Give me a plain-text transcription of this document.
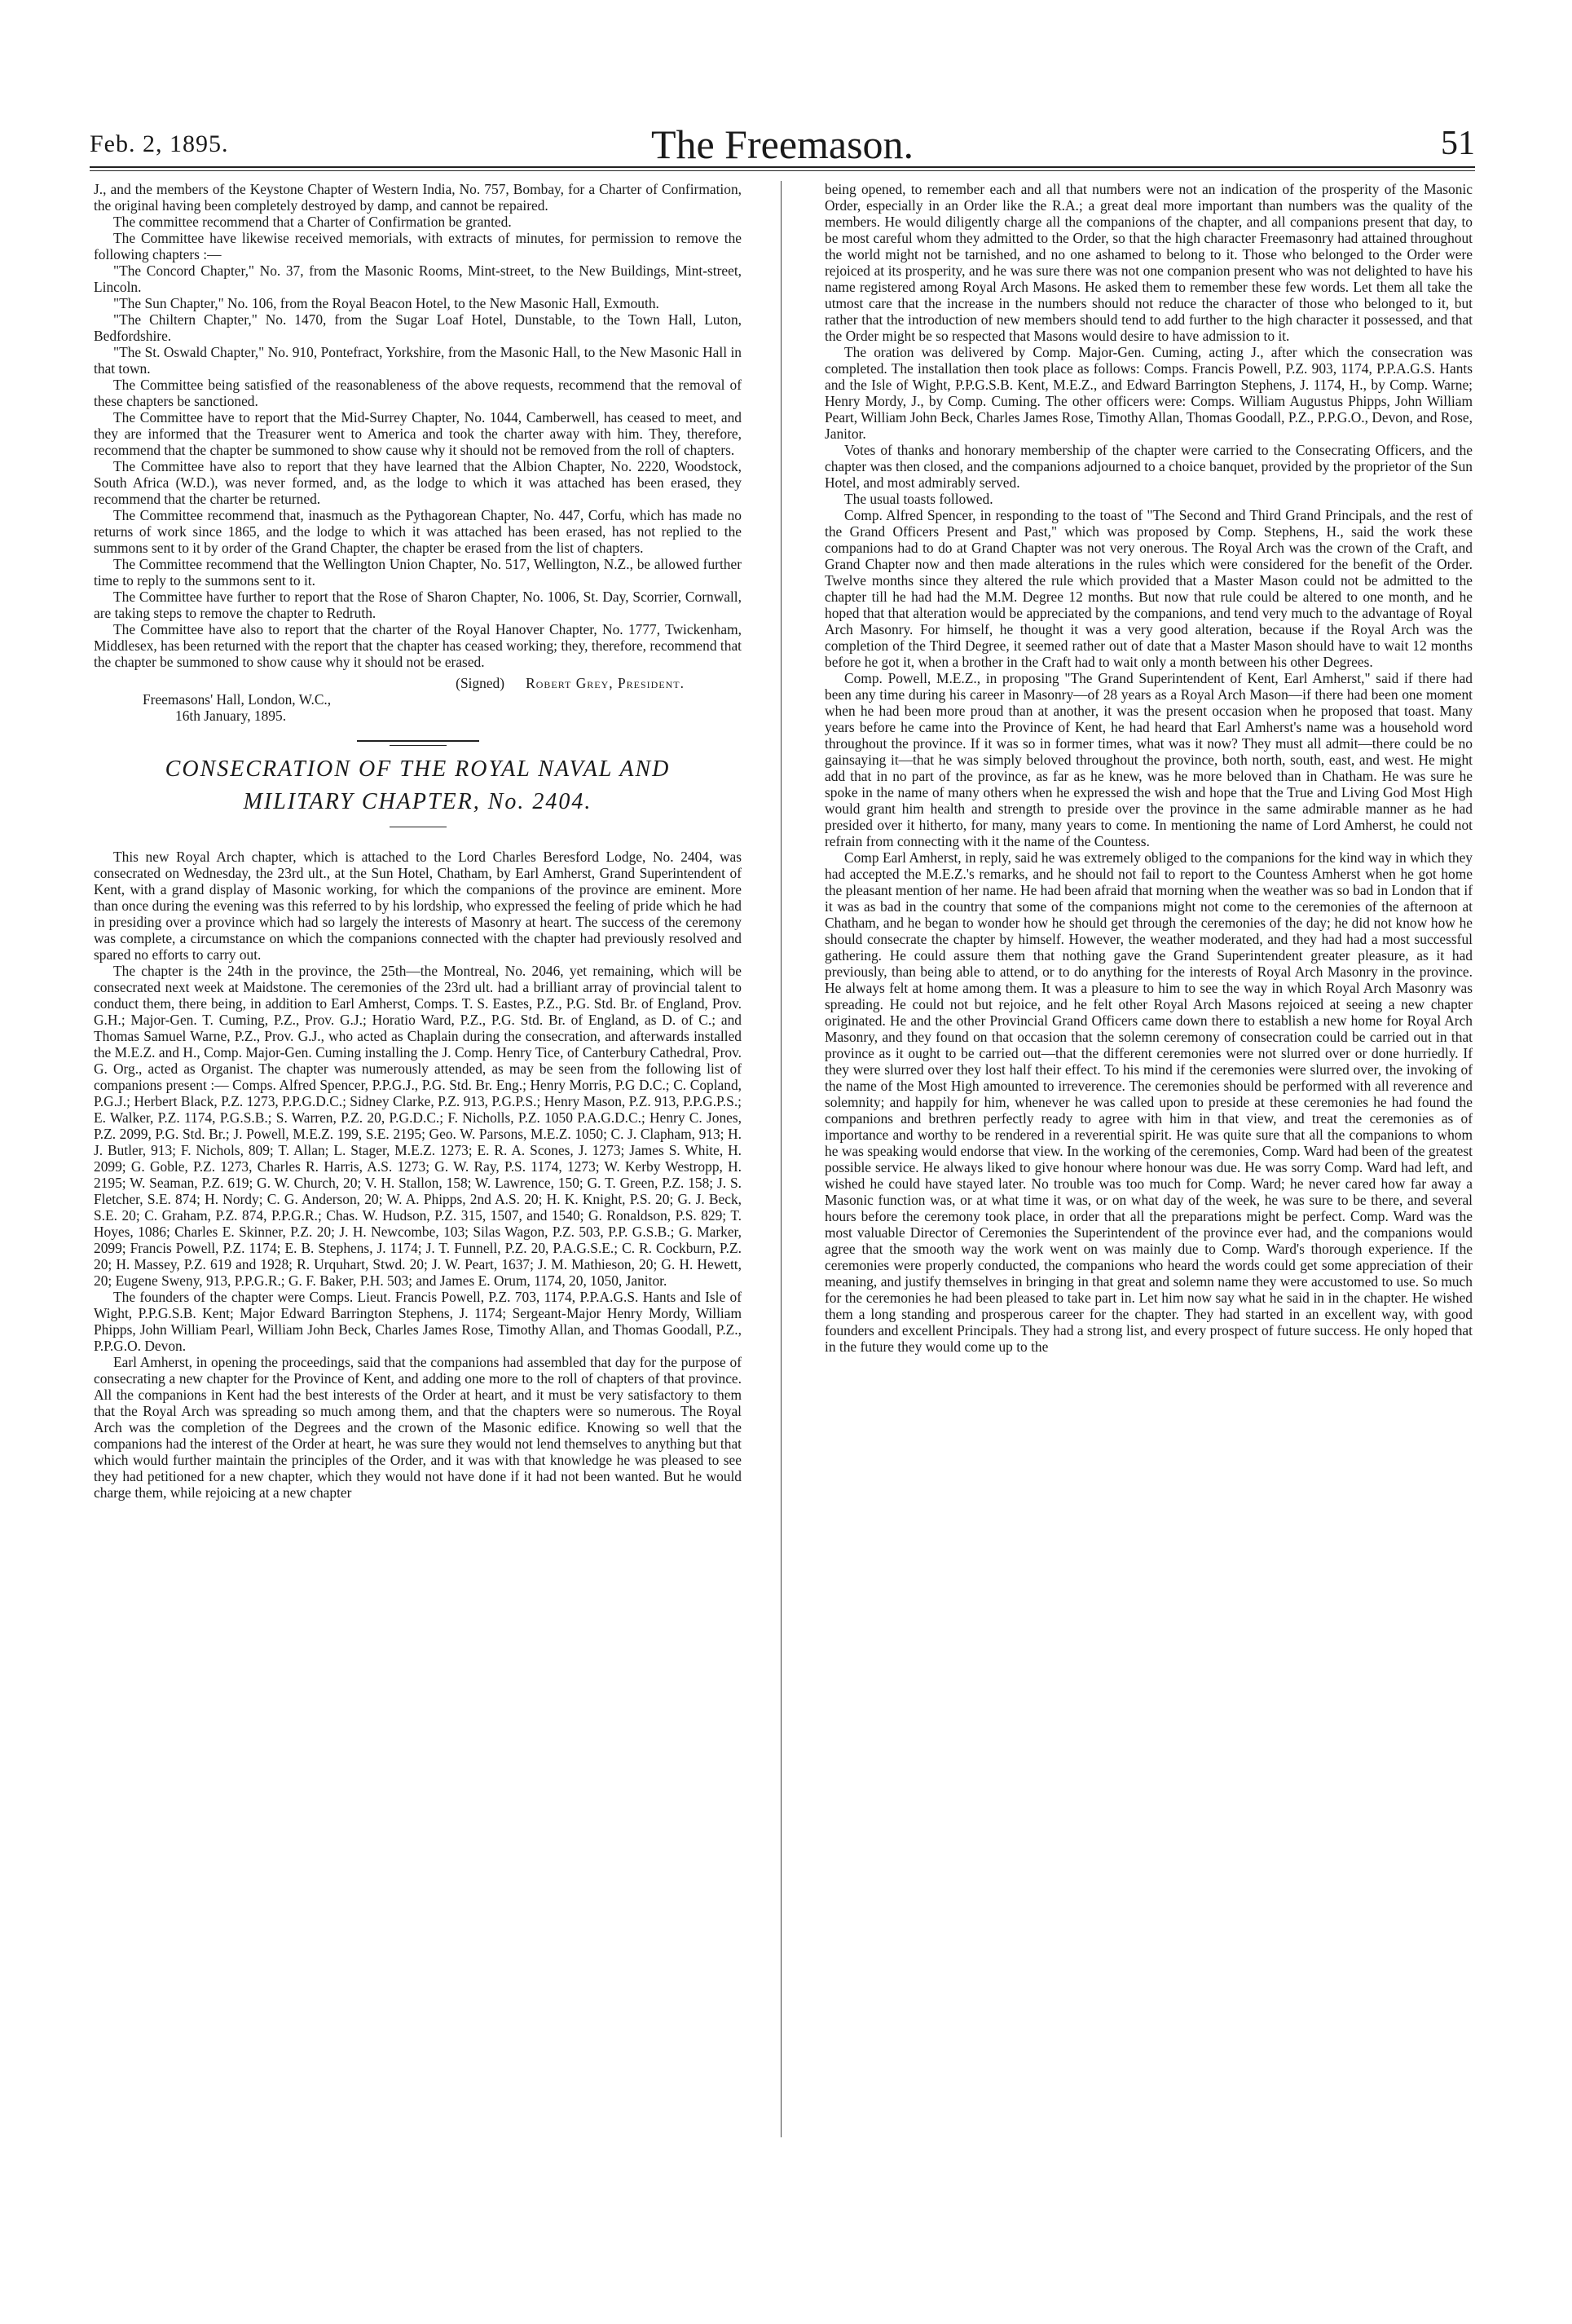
Feb. 2, 1895.	The Freemason.	51

J., and the members of the Keystone Chapter of Western India, No. 757, Bombay, for a Charter of Confirmation, the original having been completely destroyed by damp, and cannot be repaired.

The committee recommend that a Charter of Confirmation be granted.

The Committee have likewise received memorials, with extracts of minutes, for permission to remove the following chapters :—

"The Concord Chapter," No. 37, from the Masonic Rooms, Mint-street, to the New Buildings, Mint-street, Lincoln.

"The Sun Chapter," No. 106, from the Royal Beacon Hotel, to the New Masonic Hall, Exmouth.

"The Chiltern Chapter," No. 1470, from the Sugar Loaf Hotel, Dunstable, to the Town Hall, Luton, Bedfordshire.

"The St. Oswald Chapter," No. 910, Pontefract, Yorkshire, from the Masonic Hall, to the New Masonic Hall in that town.

The Committee being satisfied of the reasonableness of the above requests, recommend that the removal of these chapters be sanctioned.

The Committee have to report that the Mid-Surrey Chapter, No. 1044, Camberwell, has ceased to meet, and they are informed that the Treasurer went to America and took the charter away with him. They, therefore, recommend that the chapter be summoned to show cause why it should not be removed from the roll of chapters.

The Committee have also to report that they have learned that the Albion Chapter, No. 2220, Woodstock, South Africa (W.D.), was never formed, and, as the lodge to which it was attached has been erased, they recommend that the charter be returned.

The Committee recommend that, inasmuch as the Pythagorean Chapter, No. 447, Corfu, which has made no returns of work since 1865, and the lodge to which it was attached has been erased, has not replied to the summons sent to it by order of the Grand Chapter, the chapter be erased from the list of chapters.

The Committee recommend that the Wellington Union Chapter, No. 517, Wellington, N.Z., be allowed further time to reply to the summons sent to it.

The Committee have further to report that the Rose of Sharon Chapter, No. 1006, St. Day, Scorrier, Cornwall, are taking steps to remove the chapter to Redruth.

The Committee have also to report that the charter of the Royal Hanover Chapter, No. 1777, Twickenham, Middlesex, has been returned with the report that the chapter has ceased working; they, therefore, recommend that the chapter be summoned to show cause why it should not be erased.

(Signed) Robert Grey, President.
Freemasons' Hall, London, W.C.,
16th January, 1895.
CONSECRATION OF THE ROYAL NAVAL AND
MILITARY CHAPTER, No. 2404.

This new Royal Arch chapter, which is attached to the Lord Charles Beresford Lodge, No. 2404, was consecrated on Wednesday, the 23rd ult., at the Sun Hotel, Chatham, by Earl Amherst, Grand Superintendent of Kent, with a grand display of Masonic working, for which the companions of the province are eminent. More than once during the evening was this referred to by his lordship, who expressed the feeling of pride which he had in presiding over a province which had so largely the interests of Masonry at heart. The success of the ceremony was complete, a circumstance on which the companions connected with the chapter had previously resolved and spared no efforts to carry out.

The chapter is the 24th in the province, the 25th—the Montreal, No. 2046, yet remaining, which will be consecrated next week at Maidstone. The ceremonies of the 23rd ult. had a brilliant array of provincial talent to conduct them, there being, in addition to Earl Amherst, Comps. T. S. Eastes, P.Z., P.G. Std. Br. of England, Prov. G.H.; Major-Gen. T. Cuming, P.Z., Prov. G.J.; Horatio Ward, P.Z., P.G. Std. Br. of England, as D. of C.; and Thomas Samuel Warne, P.Z., Prov. G.J., who acted as Chaplain during the consecration, and afterwards installed the M.E.Z. and H., Comp. Major-Gen. Cuming installing the J. Comp. Henry Tice, of Canterbury Cathedral, Prov. G. Org., acted as Organist. The chapter was numerously attended, as may be seen from the following list of companions present :— Comps. Alfred Spencer, P.P.G.J., P.G. Std. Br. Eng.; Henry Morris, P.G D.C.; C. Copland, P.G.J.; Herbert Black, P.Z. 1273, P.P.G.D.C.; Sidney Clarke, P.Z. 913, P.G.P.S.; Henry Mason, P.Z. 913, P.P.G.P.S.; E. Walker, P.Z. 1174, P.G.S.B.; S. Warren, P.Z. 20, P.G.D.C.; F. Nicholls, P.Z. 1050 P.A.G.D.C.; Henry C. Jones, P.Z. 2099, P.G. Std. Br.; J. Powell, M.E.Z. 199, S.E. 2195; Geo. W. Parsons, M.E.Z. 1050; C. J. Clapham, 913; H. J. Butler, 913; F. Nichols, 809; T. Allan; L. Stager, M.E.Z. 1273; E. R. A. Scones, J. 1273; James S. White, H. 2099; G. Goble, P.Z. 1273, Charles R. Harris, A.S. 1273; G. W. Ray, P.S. 1174, 1273; W. Kerby Westropp, H. 2195; W. Seaman, P.Z. 619; G. W. Church, 20; V. H. Stallon, 158; W. Lawrence, 150; G. T. Green, P.Z. 158; J. S. Fletcher, S.E. 874; H. Nordy; C. G. Anderson, 20; W. A. Phipps, 2nd A.S. 20; H. K. Knight, P.S. 20; G. J. Beck, S.E. 20; C. Graham, P.Z. 874, P.P.G.R.; Chas. W. Hudson, P.Z. 315, 1507, and 1540; G. Ronaldson, P.S. 829; T. Hoyes, 1086; Charles E. Skinner, P.Z. 20; J. H. Newcombe, 103; Silas Wagon, P.Z. 503, P.P. G.S.B.; G. Marker, 2099; Francis Powell, P.Z. 1174; E. B. Stephens, J. 1174; J. T. Funnell, P.Z. 20, P.A.G.S.E.; C. R. Cockburn, P.Z. 20; H. Massey, P.Z. 619 and 1928; R. Urquhart, Stwd. 20; J. W. Peart, 1637; J. M. Mathieson, 20; G. H. Hewett, 20; Eugene Sweny, 913, P.P.G.R.; G. F. Baker, P.H. 503; and James E. Orum, 1174, 20, 1050, Janitor.

The founders of the chapter were Comps. Lieut. Francis Powell, P.Z. 703, 1174, P.P.A.G.S. Hants and Isle of Wight, P.P.G.S.B. Kent; Major Edward Barrington Stephens, J. 1174; Sergeant-Major Henry Mordy, William Phipps, John William Pearl, William John Beck, Charles James Rose, Timothy Allan, and Thomas Goodall, P.Z., P.P.G.O. Devon.

Earl Amherst, in opening the proceedings, said that the companions had assembled that day for the purpose of consecrating a new chapter for the Province of Kent, and adding one more to the roll of chapters of that province. All the companions in Kent had the best interests of the Order at heart, and it must be very satisfactory to them that the Royal Arch was spreading so much among them, and that the chapters were so numerous. The Royal Arch was the completion of the Degrees and the crown of the Masonic edifice. Knowing so well that the companions had the interest of the Order at heart, he was sure they would not lend themselves to anything but that which would further maintain the principles of the Order, and it was with that knowledge he was pleased to see they had petitioned for a new chapter, which they would not have done if it had not been wanted. But he would charge them, while rejoicing at a new chapter

being opened, to remember each and all that numbers were not an indication of the prosperity of the Masonic Order, especially in an Order like the R.A.; a great deal more important than numbers was the quality of the members. He would diligently charge all the companions of the chapter, and all companions present that day, to be most careful whom they admitted to the Order, so that the high character Freemasonry had attained throughout the world might not be tarnished, and no one ashamed to belong to it. Those who belonged to the Order were rejoiced at its prosperity, and he was sure there was not one companion present who was not delighted to have his name registered among Royal Arch Masons. He asked them to remember these few words. Let them all take the utmost care that the increase in the numbers should not reduce the character of those who belonged to it, but rather that the introduction of new members should tend to add further to the high character it possessed, and that the Order might be so respected that Masons would desire to have admission to it.

The oration was delivered by Comp. Major-Gen. Cuming, acting J., after which the consecration was completed. The installation then took place as follows: Comps. Francis Powell, P.Z. 903, 1174, P.P.A.G.S. Hants and the Isle of Wight, P.P.G.S.B. Kent, M.E.Z., and Edward Barrington Stephens, J. 1174, H., by Comp. Warne; Henry Mordy, J., by Comp. Cuming. The other officers were: Comps. William Augustus Phipps, John William Peart, William John Beck, Charles James Rose, Timothy Allan, Thomas Goodall, P.Z., P.P.G.O., Devon, and Rose, Janitor.

Votes of thanks and honorary membership of the chapter were carried to the Consecrating Officers, and the chapter was then closed, and the companions adjourned to a choice banquet, provided by the proprietor of the Sun Hotel, and most admirably served.

The usual toasts followed.

Comp. Alfred Spencer, in responding to the toast of "The Second and Third Grand Principals, and the rest of the Grand Officers Present and Past," which was proposed by Comp. Stephens, H., said the work these companions had to do at Grand Chapter was not very onerous. The Royal Arch was the crown of the Craft, and Grand Chapter now and then made alterations in the rules which were considered for the benefit of the Order. Twelve months since they altered the rule which provided that a Master Mason could not be admitted to the chapter till he had had the M.M. Degree 12 months. But now that rule could be altered to one month, and he hoped that that alteration would be appreciated by the companions, and tend very much to the advantage of Royal Arch Masonry. For himself, he thought it was a very good alteration, because if the Royal Arch was the completion of the Third Degree, it seemed rather out of date that a Master Mason should have to wait 12 months before he got it, when a brother in the Craft had to wait only a month between his other Degrees.

Comp. Powell, M.E.Z., in proposing "The Grand Superintendent of Kent, Earl Amherst," said if there had been any time during his career in Masonry—of 28 years as a Royal Arch Mason—if there had been one moment when he had been more proud than at another, it was the present occasion when he proposed that toast. Many years before he came into the Province of Kent, he had heard that Earl Amherst's name was a household word throughout the province. If it was so in former times, what was it now? They must all admit—there could be no gainsaying it—that he was simply beloved throughout the province, both north, south, east, and west. He might add that in no part of the province, as far as he knew, was he more beloved than in Chatham. He was sure he spoke in the name of many others when he expressed the wish and hope that the True and Living God Most High would grant him health and strength to preside over the province in the same admirable manner as he had presided over it hitherto, for many, many years to come. In mentioning the name of Lord Amherst, he could not refrain from connecting with it the name of the Countess.

Comp Earl Amherst, in reply, said he was extremely obliged to the companions for the kind way in which they had accepted the M.E.Z.'s remarks, and he should not fail to report to the Countess Amherst when he got home the pleasant mention of her name. He had been afraid that morning when the weather was so bad in London that if it was as bad in the country that some of the companions might not come to the ceremonies of the afternoon at Chatham, and he began to wonder how he should get through the ceremonies of the day; he did not know how he should consecrate the chapter by himself. However, the weather moderated, and they had had a most successful gathering. He could assure them that nothing gave the Grand Superintendent greater pleasure, as it had previously, than being able to attend, or to do anything for the interests of Royal Arch Masonry in the province. He always felt at home among them. It was a pleasure to him to see the way in which Royal Arch Masonry was spreading. He could not but rejoice, and he felt other Royal Arch Masons rejoiced at seeing a new chapter originated. He and the other Provincial Grand Officers came down there to establish a new home for Royal Arch Masonry, and they found on that occasion that the solemn ceremony of consecration could be carried out in that province as it ought to be carried out—that the different ceremonies were not slurred over or done hurriedly. If they were slurred over they lost half their effect. To his mind if the ceremonies were slurred over, the invoking of the name of the Most High amounted to irreverence. The ceremonies should be performed with all reverence and solemnity; and happily for him, whenever he was called upon to preside at these ceremonies he had found the companions and brethren perfectly ready to agree with him in that view, and treat the ceremonies as of importance and worthy to be rendered in a reverential spirit. He was quite sure that all the companions to whom he was speaking would endorse that view. In the working of the ceremonies, Comp. Ward had been of the greatest possible service. He always liked to give honour where honour was due. He was sorry Comp. Ward had left, and wished he could have stayed later. No trouble was too much for Comp. Ward; he never cared how far away a Masonic function was, or at what time it was, or on what day of the week, he was sure to be there, and several hours before the ceremony took place, in order that all the preparations might be perfect. Comp. Ward was the most valuable Director of Ceremonies the Superintendent of the province ever had, and the companions would agree that the smooth way the work went on was mainly due to Comp. Ward's thorough experience. If the ceremonies were properly conducted, the companions who heard the words could get some appreciation of their meaning, and justify themselves in bringing in that great and solemn name they were accustomed to use. So much for the ceremonies he had been pleased to take part in. Let him now say what he said in in the chapter. He wished them a long standing and prosperous career for the chapter. They had started in an excellent way, with good founders and excellent Principals. They had a strong list, and every prospect of future success. He only hoped that in the future they would come up to the
